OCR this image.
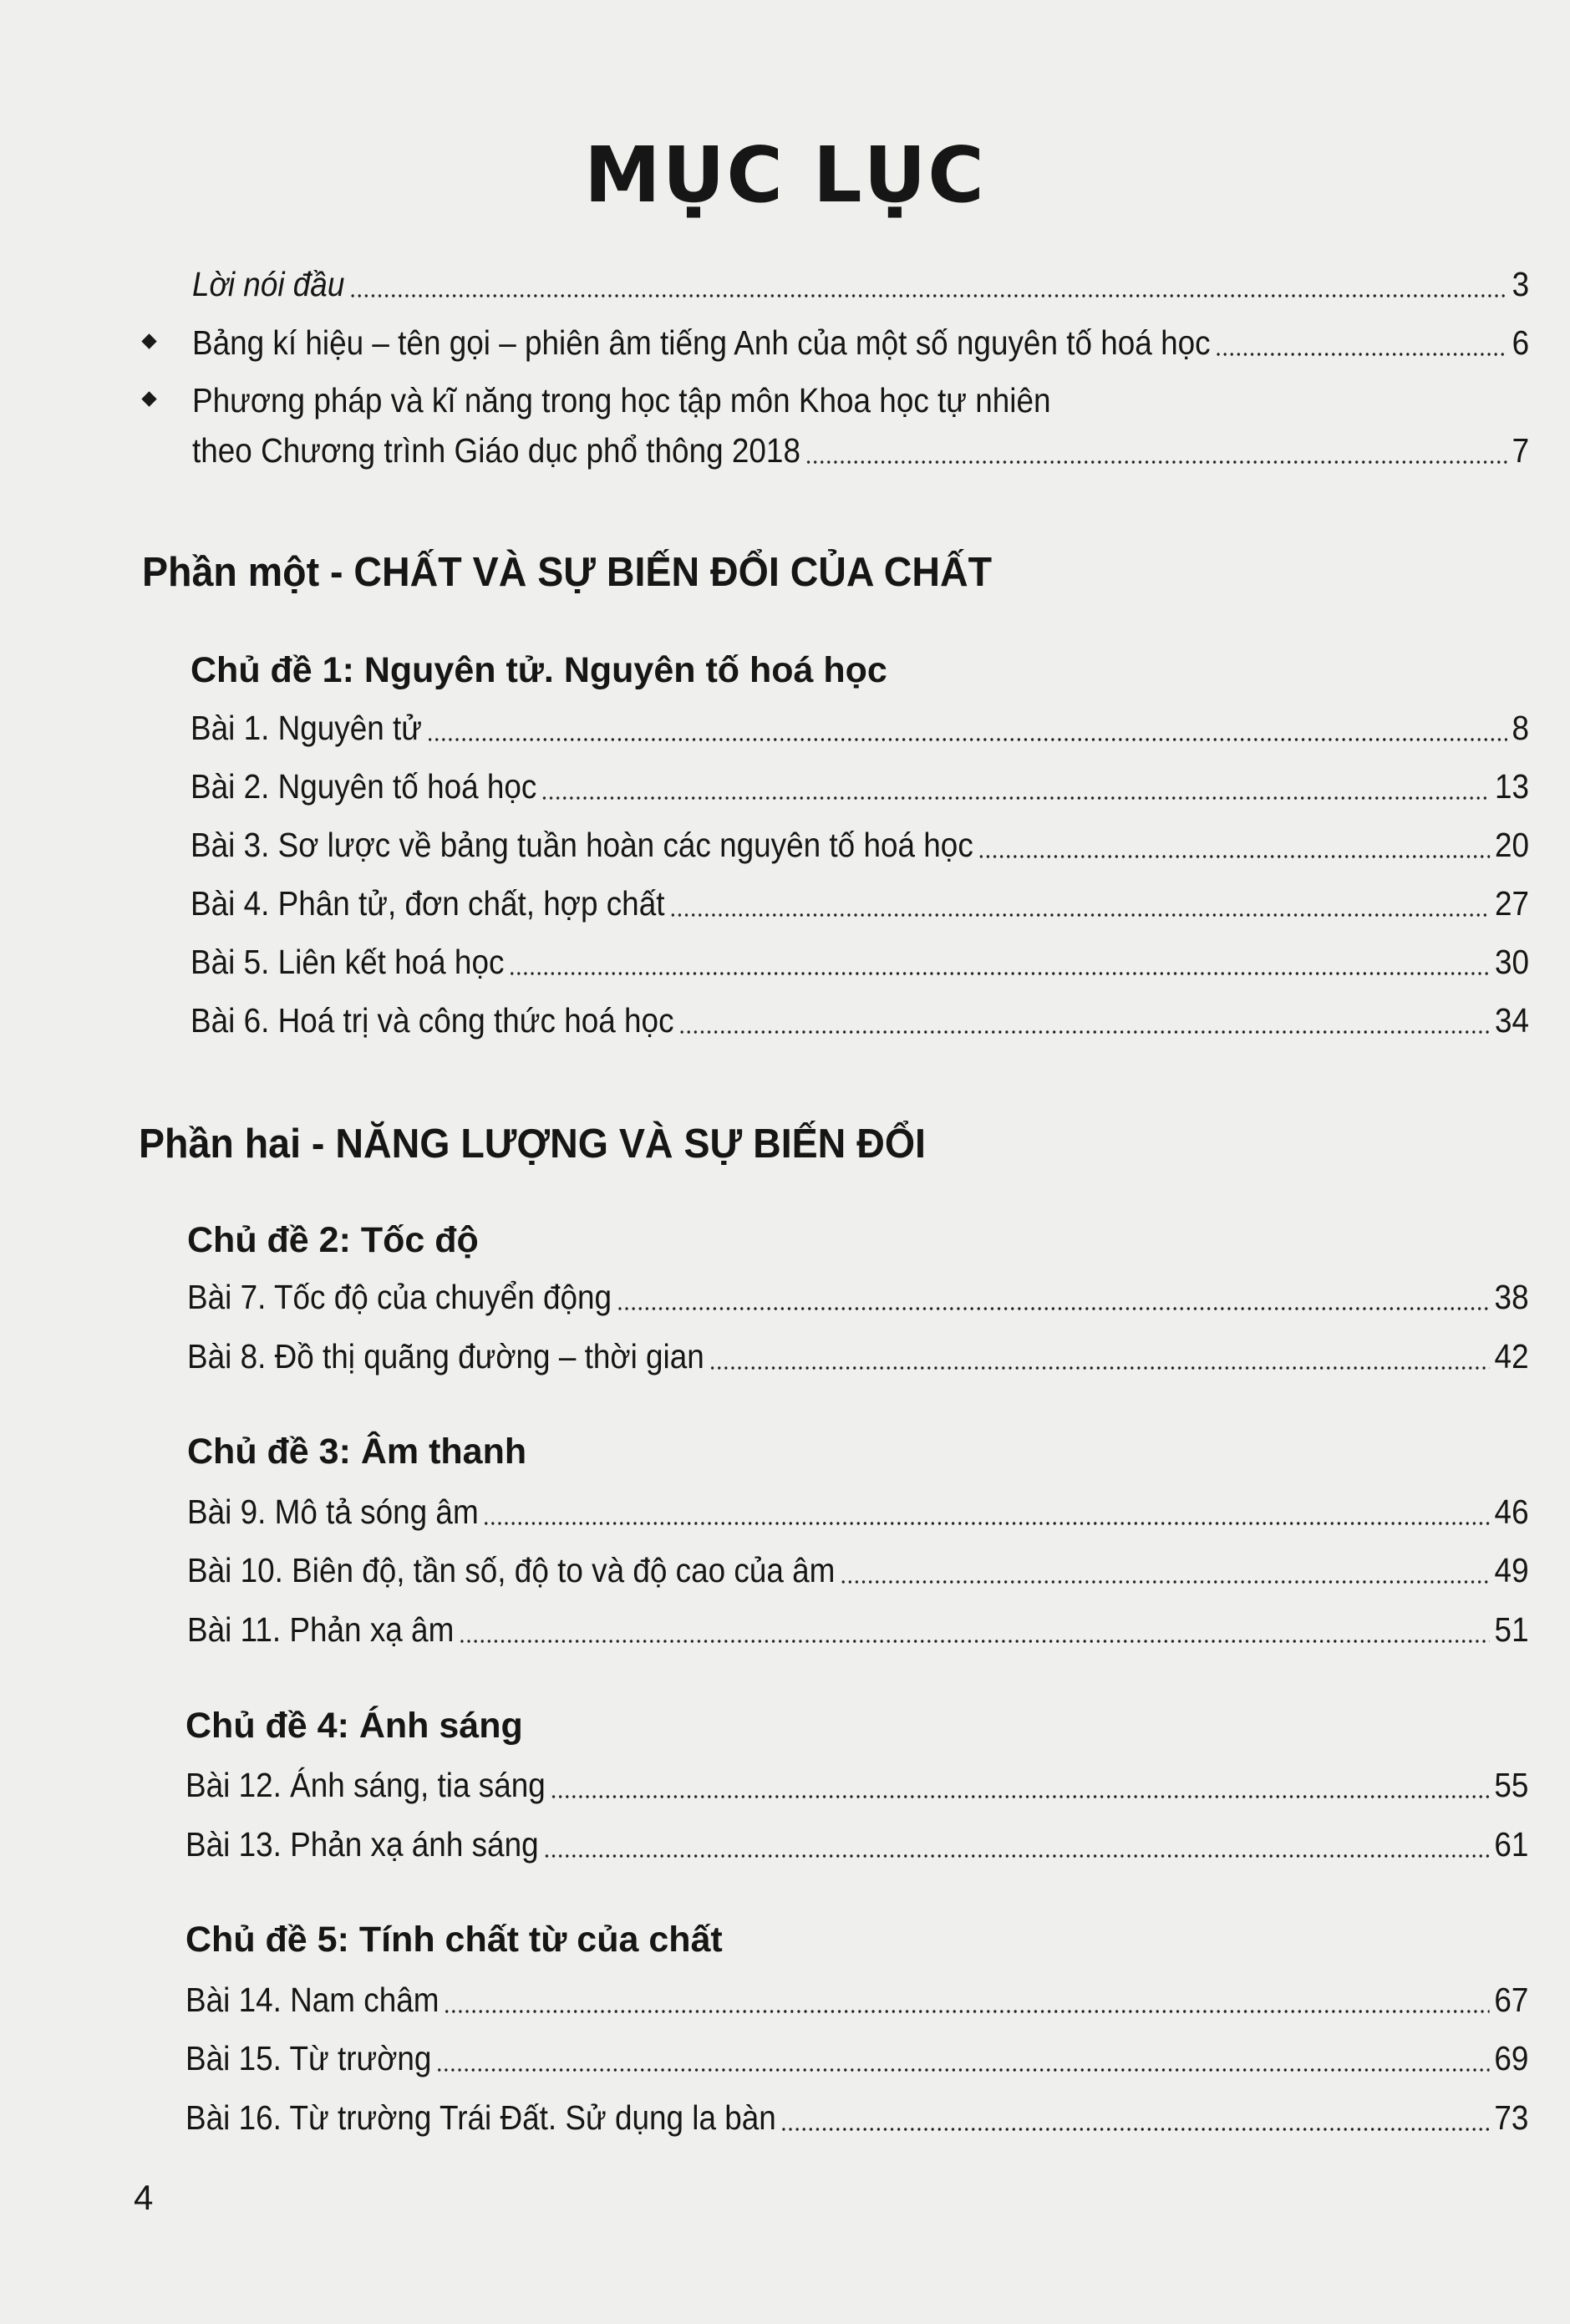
MỤC LỤC
Lời nói đầu	3
Bảng kí hiệu – tên gọi – phiên âm tiếng Anh của một số nguyên tố hoá học	6
Phương pháp và kĩ năng trong học tập môn Khoa học tự nhiên
theo Chương trình Giáo dục phổ thông 2018	7
Phần một - CHẤT VÀ SỰ BIẾN ĐỔI CỦA CHẤT
Chủ đề 1: Nguyên tử. Nguyên tố hoá học
Bài 1. Nguyên tử	8
Bài 2. Nguyên tố hoá học	13
Bài 3. Sơ lược về bảng tuần hoàn các nguyên tố hoá học	20
Bài 4. Phân tử, đơn chất, hợp chất	27
Bài 5. Liên kết hoá học	30
Bài 6. Hoá trị và công thức hoá học	34
Phần hai - NĂNG LƯỢNG VÀ SỰ BIẾN ĐỔI
Chủ đề 2: Tốc độ
Bài 7. Tốc độ của chuyển động	38
Bài 8. Đồ thị quãng đường – thời gian	42
Chủ đề 3: Âm thanh
Bài 9. Mô tả sóng âm	46
Bài 10. Biên độ, tần số, độ to và độ cao của âm	49
Bài 11. Phản xạ âm	51
Chủ đề 4: Ánh sáng
Bài 12. Ánh sáng, tia sáng	55
Bài 13. Phản xạ ánh sáng	61
Chủ đề 5: Tính chất từ của chất
Bài 14. Nam châm	67
Bài 15. Từ trường	69
Bài 16. Từ trường Trái Đất. Sử dụng la bàn	73
4
